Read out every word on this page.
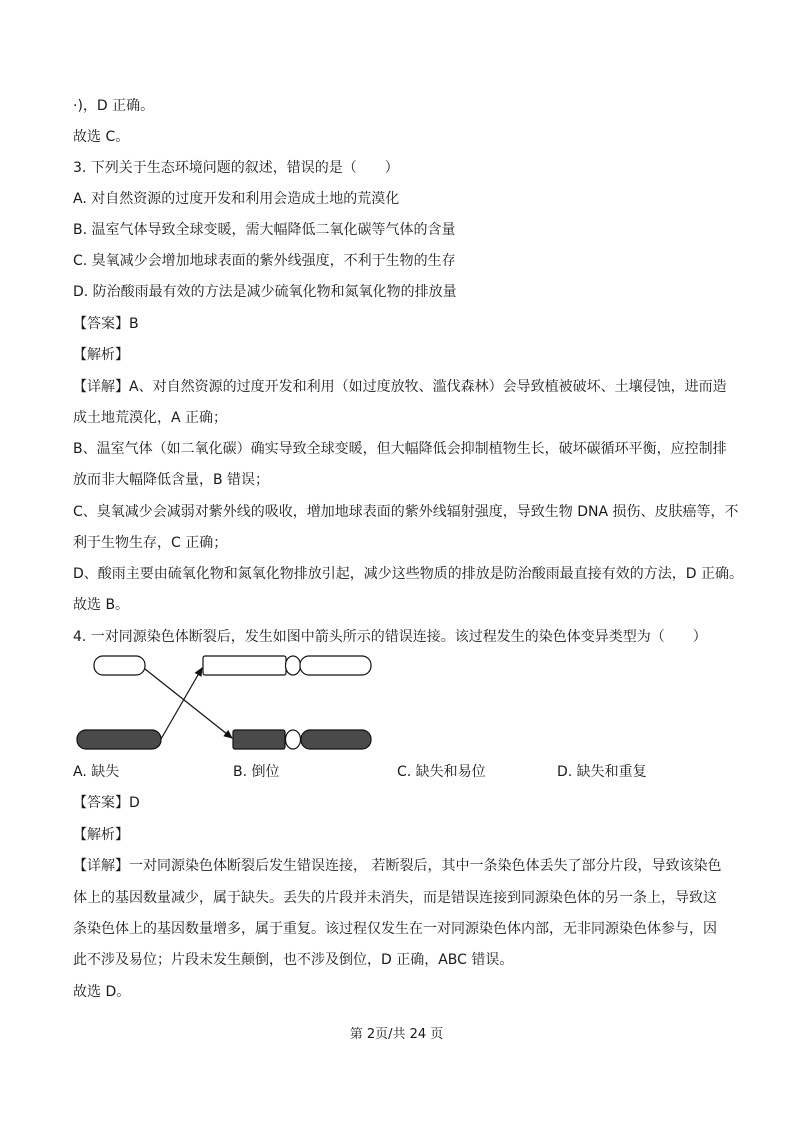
·)，D 正确。
故选 C。
3. 下列关于生态环境问题的叙述，错误的是（　　）
A. 对自然资源的过度开发和利用会造成土地的荒漠化
B. 温室气体导致全球变暖，需大幅降低二氧化碳等气体的含量
C. 臭氧减少会增加地球表面的紫外线强度，不利于生物的生存
D. 防治酸雨最有效的方法是减少硫氧化物和氮氧化物的排放量
【答案】B
【解析】
【详解】A、对自然资源的过度开发和利用（如过度放牧、滥伐森林）会导致植被破坏、土壤侵蚀，进而造
成土地荒漠化，A 正确；
B、温室气体（如二氧化碳）确实导致全球变暖，但大幅降低会抑制植物生长，破坏碳循环平衡，应控制排
放而非大幅降低含量，B 错误；
C、臭氧减少会减弱对紫外线的吸收，增加地球表面的紫外线辐射强度，导致生物 DNA 损伤、皮肤癌等，不
利于生物生存，C 正确；
D、酸雨主要由硫氧化物和氮氧化物排放引起，减少这些物质的排放是防治酸雨最直接有效的方法，D 正确。
故选 B。
4. 一对同源染色体断裂后，发生如图中箭头所示的错误连接。该过程发生的染色体变异类型为（　　）
A. 缺失	B. 倒位	C. 缺失和易位	D. 缺失和重复
【答案】D
【解析】
【详解】一对同源染色体断裂后发生错误连接， 若断裂后，其中一条染色体丢失了部分片段，导致该染色
体上的基因数量减少，属于缺失。丢失的片段并未消失，而是错误连接到同源染色体的另一条上，导致这
条染色体上的基因数量增多，属于重复。该过程仅发生在一对同源染色体内部，无非同源染色体参与，因
此不涉及易位；片段未发生颠倒，也不涉及倒位，D 正确，ABC 错误。
故选 D。
第 2页/共 24 页
